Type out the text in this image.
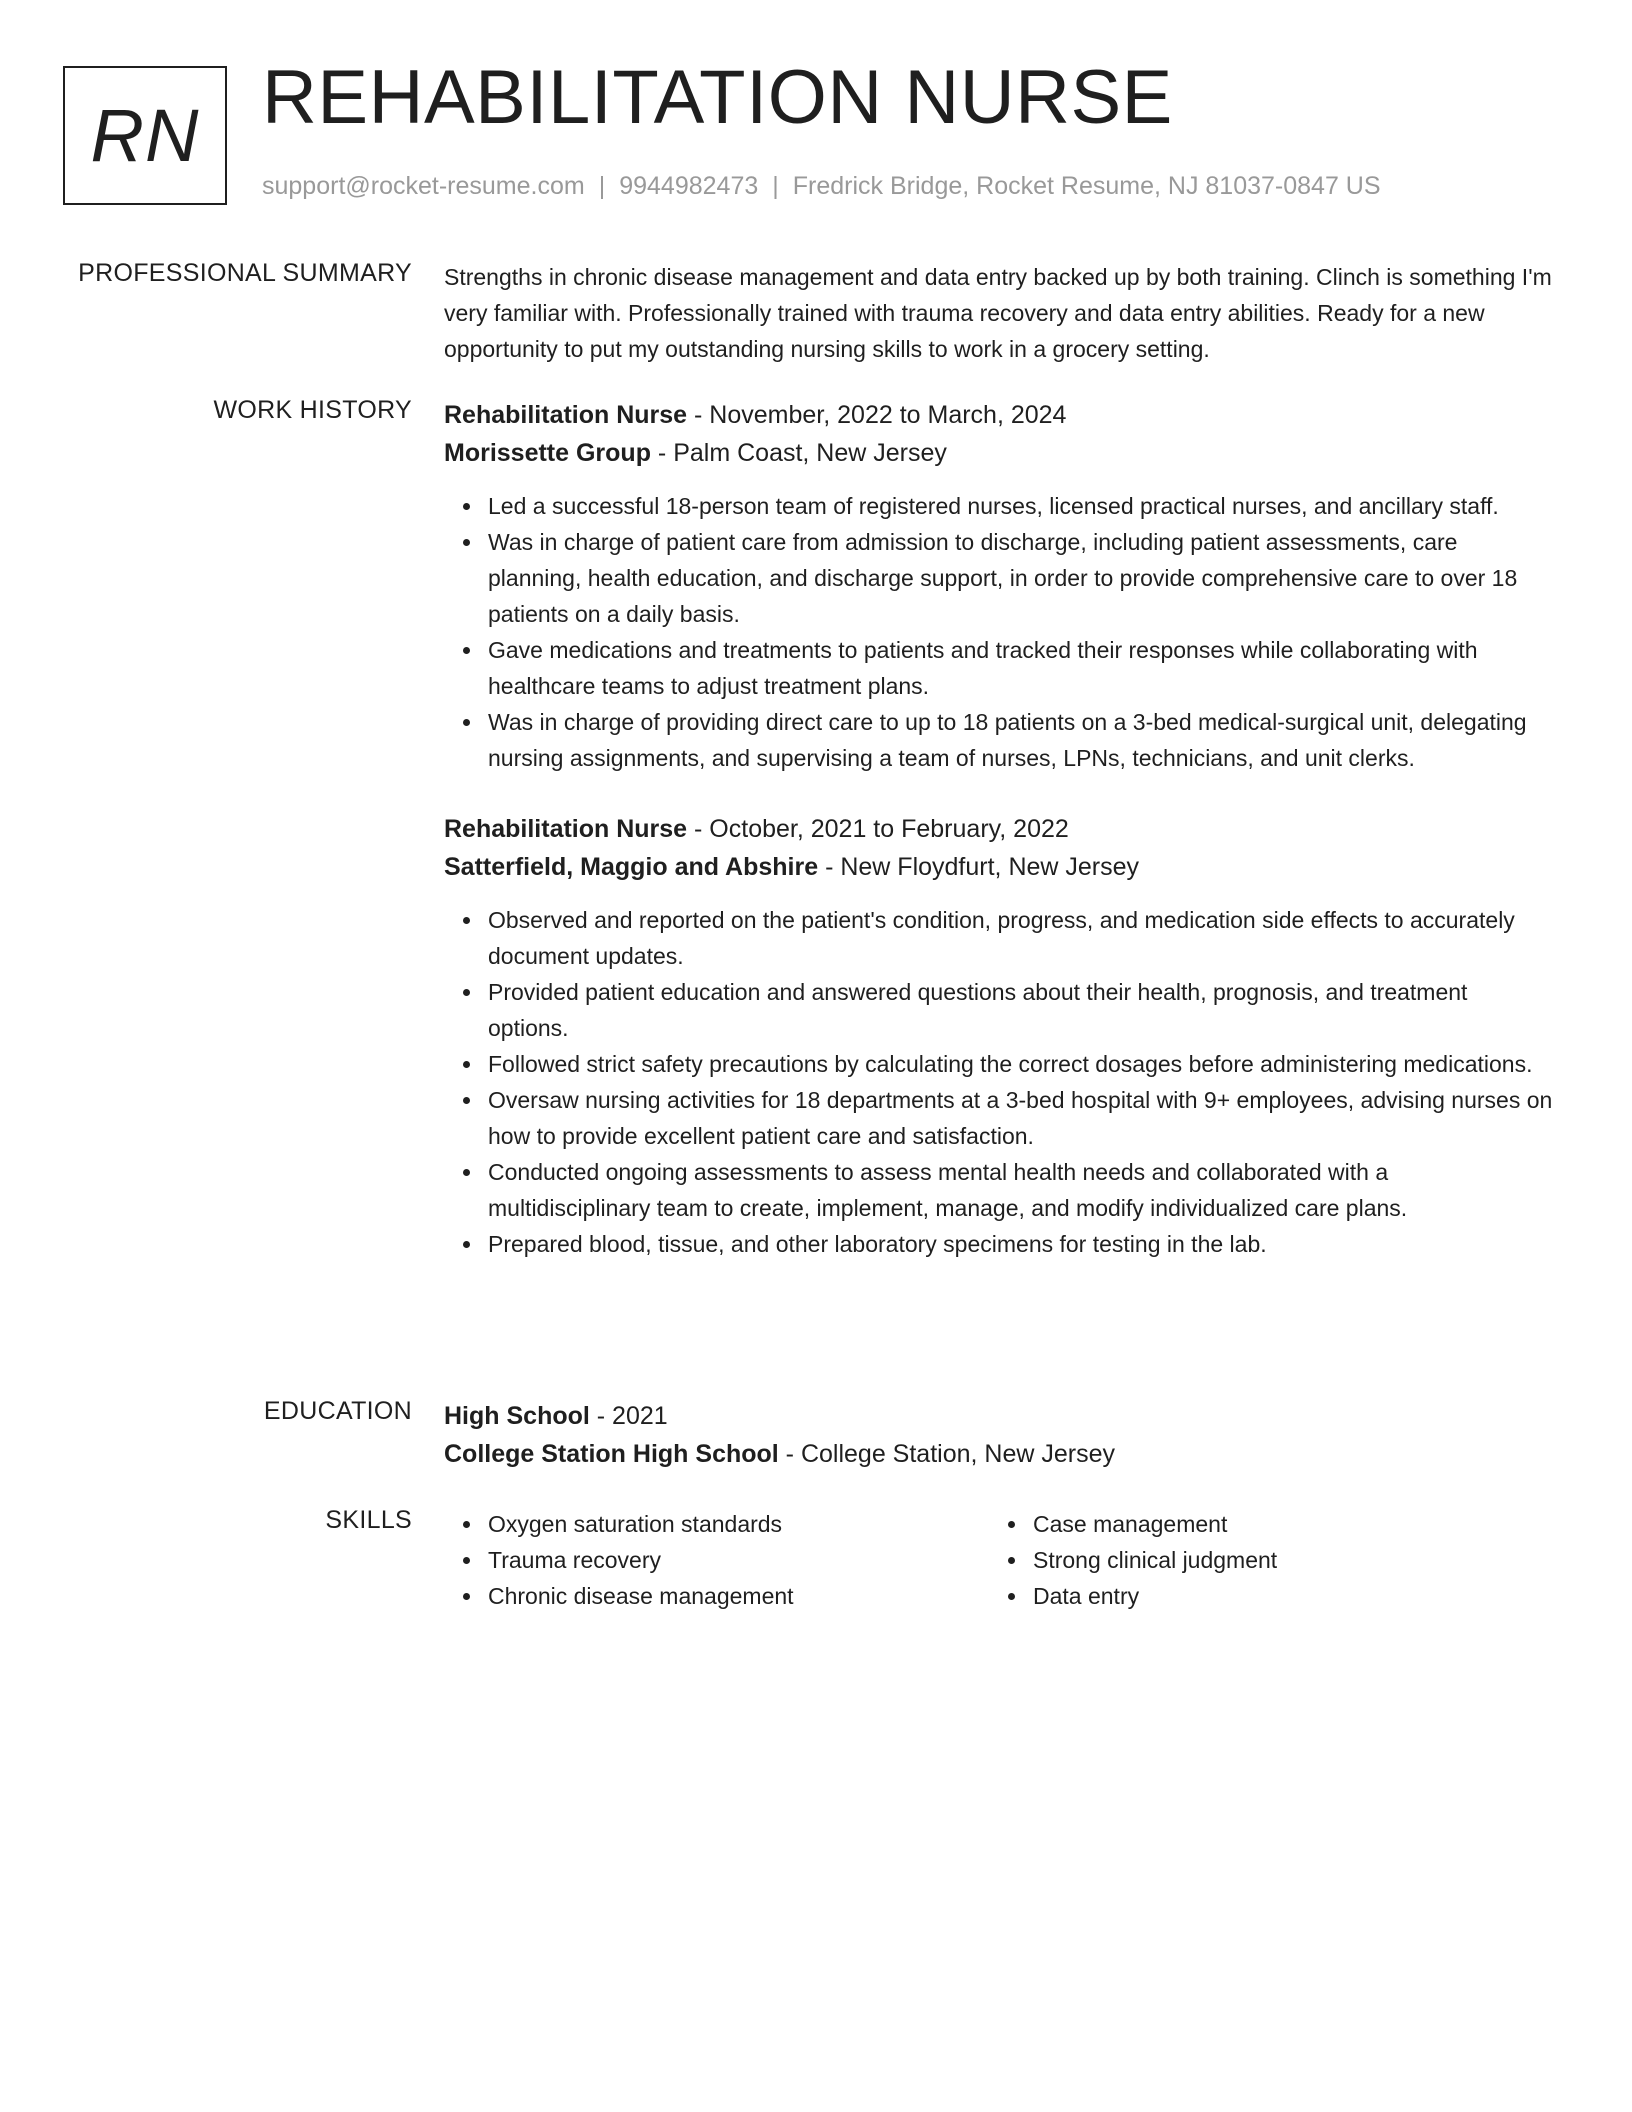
RN REHABILITATION NURSE
support@rocket-resume.com | 9944982473 | Fredrick Bridge, Rocket Resume, NJ 81037-0847 US
PROFESSIONAL SUMMARY Strengths in chronic disease management and data entry backed up by both training. Clinch is something I'm very familiar with. Professionally trained with trauma recovery and data entry abilities. Ready for a new opportunity to put my outstanding nursing skills to work in a grocery setting.

WORK HISTORY Rehabilitation Nurse - November, 2022 to March, 2024

Morissette Group - Palm Coast, New Jersey

Led a successful 18-person team of registered nurses, licensed practical nurses, and ancillary staff.
Was in charge of patient care from admission to discharge, including patient assessments, care planning, health education, and discharge support, in order to provide comprehensive care to over 18 patients on a daily basis.
Gave medications and treatments to patients and tracked their responses while collaborating with healthcare teams to adjust treatment plans.
Was in charge of providing direct care to up to 18 patients on a 3-bed medical-surgical unit, delegating nursing assignments, and supervising a team of nurses, LPNs, technicians, and unit clerks.

Rehabilitation Nurse - October, 2021 to February, 2022

Satterfield, Maggio and Abshire - New Floydfurt, New Jersey

Observed and reported on the patient's condition, progress, and medication side effects to accurately document updates.
Provided patient education and answered questions about their health, prognosis, and treatment options.
Followed strict safety precautions by calculating the correct dosages before administering medications.
Oversaw nursing activities for 18 departments at a 3-bed hospital with 9+ employees, advising nurses on how to provide excellent patient care and satisfaction.
Conducted ongoing assessments to assess mental health needs and collaborated with a multidisciplinary team to create, implement, manage, and modify individualized care plans.
Prepared blood, tissue, and other laboratory specimens for testing in the lab.
EDUCATION High School - 2021

College Station High School - College Station, New Jersey

SKILLS	Oxygen saturation standards
Trauma recovery
Chronic disease management
Case management
Strong clinical judgment
Data entry
